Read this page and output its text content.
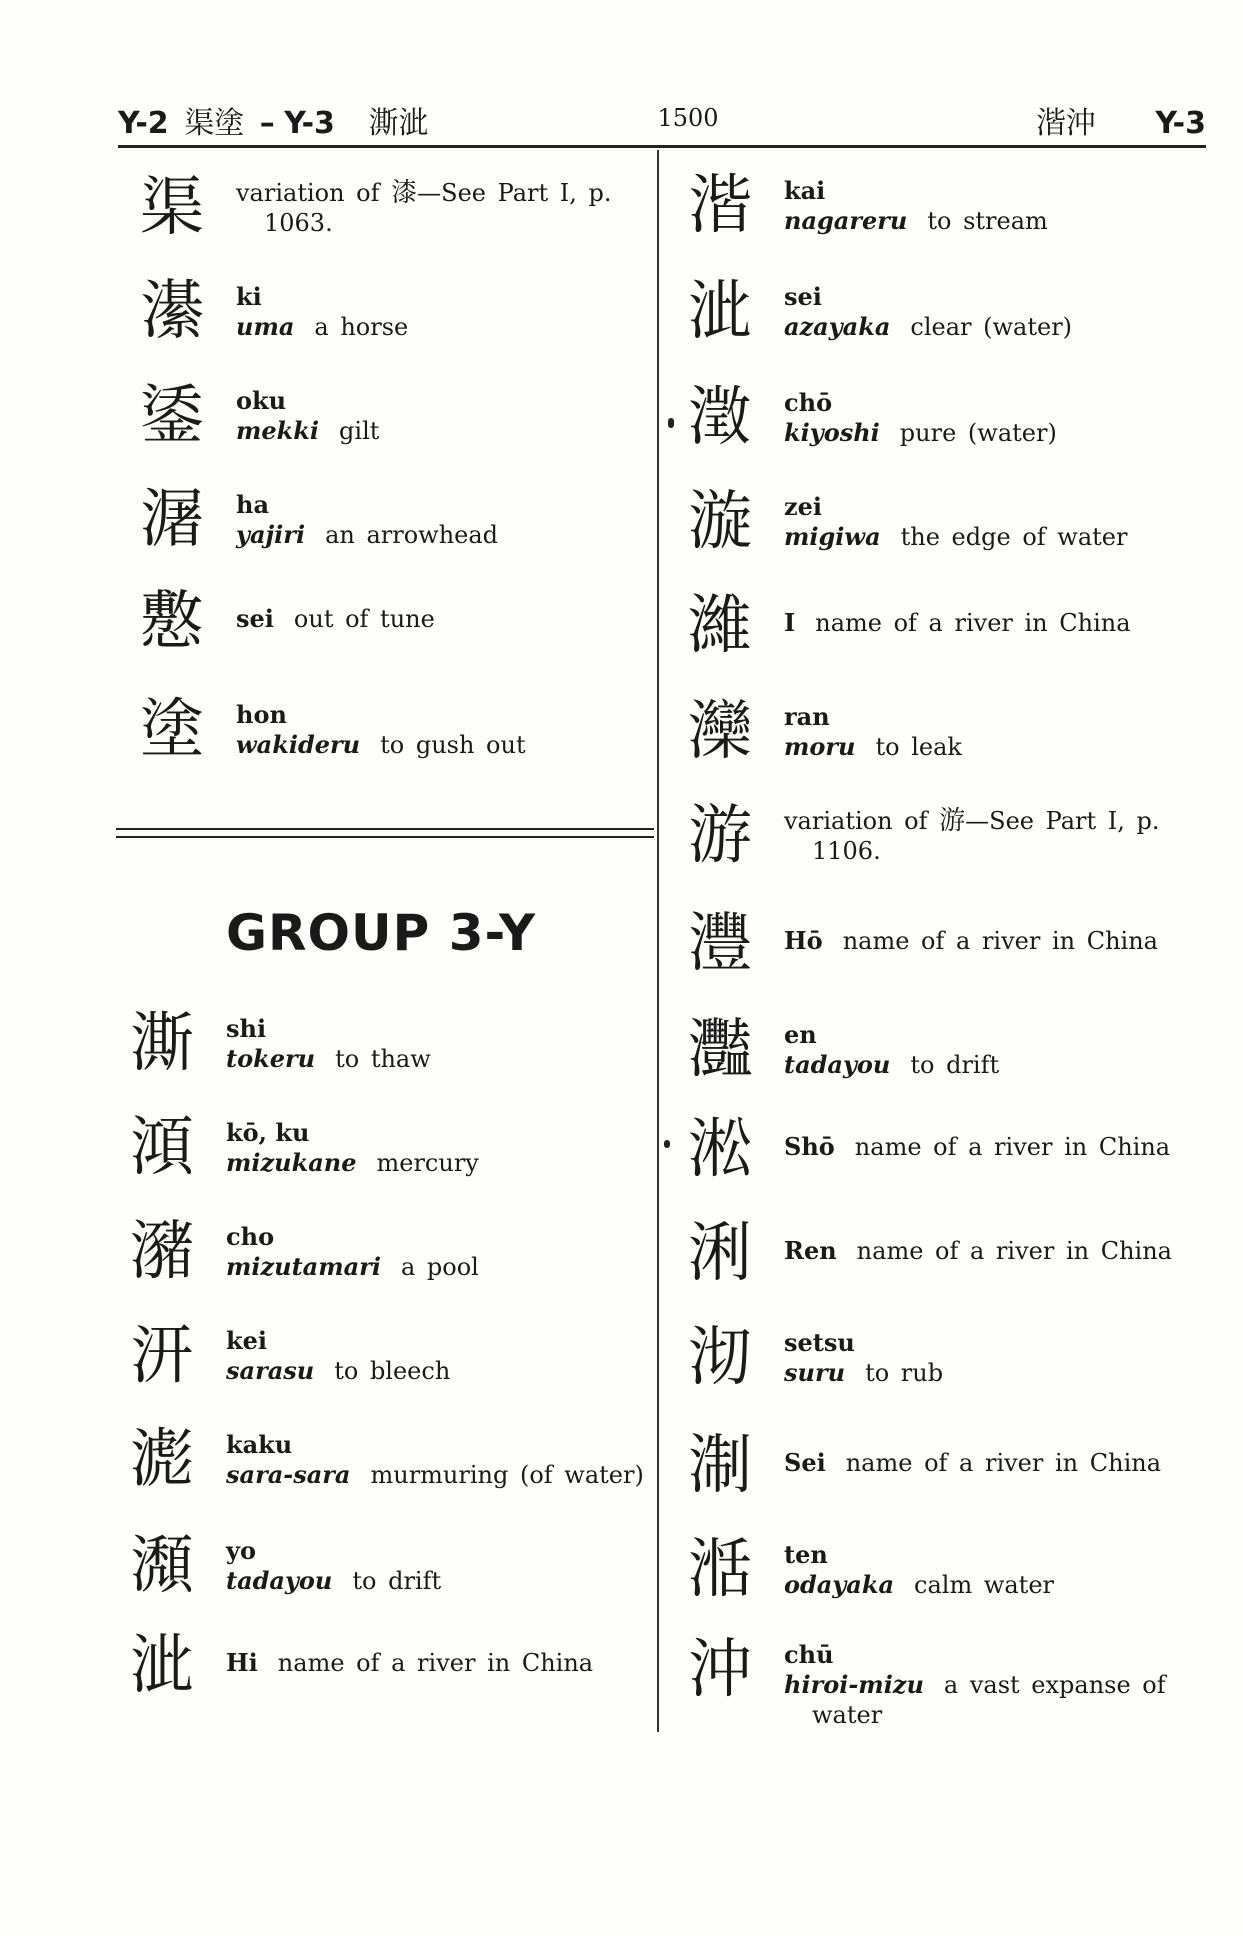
Y-2 渠塗 – Y-3 澌泚	1500	湝沖 Y-3
渠	variation of 漆—See Part I, p.
1063.
濝	ki
uma a horse
鋈	oku
mekki gilt
潳	ha
yajiri an arrowhead
懯	sei out of tune
塗	hon
wakideru to gush out
GROUP 3-Y
澌	shi
tokeru to thaw
澒	kō, ku
mizukane mercury
瀦	cho
mizutamari a pool
汧	kei
sarasu to bleech
滮	kaku
sara-sara murmuring (of water)
瀩	yo
tadayou to drift
泚	Hi name of a river in China
湝	kai
nagareru to stream
泚	sei
azayaka clear (water)
澂	chō
kiyoshi pure (water)
漩	zei
migiwa the edge of water
濰	I name of a river in China
灤	ran
moru to leak
游	variation of 游—See Part I, p.
1106.
灃	Hō name of a river in China
灩	en
tadayou to drift
淞	Shō name of a river in China
浰	Ren name of a river in China
沏	setsu
suru to rub
淛	Sei name of a river in China
湉	ten
odayaka calm water
沖	chū
hiroi-mizu a vast expanse of
water
